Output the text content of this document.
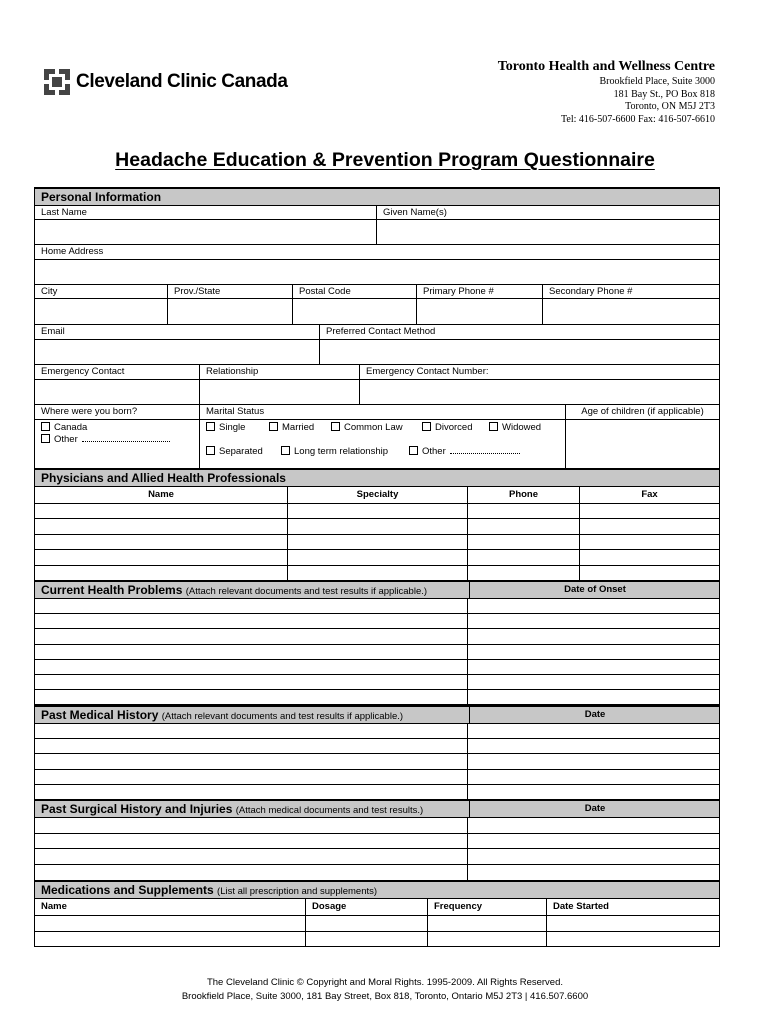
Cleveland Clinic Canada
Toronto Health and Wellness Centre
Brookfield Place, Suite 3000
181 Bay St., PO Box 818
Toronto, ON M5J 2T3
Tel: 416-507-6600 Fax: 416-507-6610
Headache Education & Prevention Program Questionnaire
Personal Information
Last Name	Given Name(s)
Home Address
City	Prov./State	Postal Code	Primary Phone #	Secondary Phone #
Email	Preferred Contact Method
Emergency Contact	Relationship	Emergency Contact Number:
Where were you born?	Marital Status	Age of children (if applicable)
Canada
Other
Single	Married	Common Law	Divorced	Widowed
Separated	Long term relationship	Other
Physicians and Allied Health Professionals
Name	Specialty	Phone	Fax
Current Health Problems (Attach relevant documents and test results if applicable.)	Date of Onset
Past Medical History (Attach relevant documents and test results if applicable.)	Date
Past Surgical History and Injuries (Attach medical documents and test results.)	Date
Medications and Supplements (List all prescription and supplements)
Name	Dosage	Frequency	Date Started
The Cleveland Clinic © Copyright and Moral Rights. 1995-2009. All Rights Reserved.
Brookfield Place, Suite 3000, 181 Bay Street, Box 818, Toronto, Ontario M5J 2T3 | 416.507.6600
